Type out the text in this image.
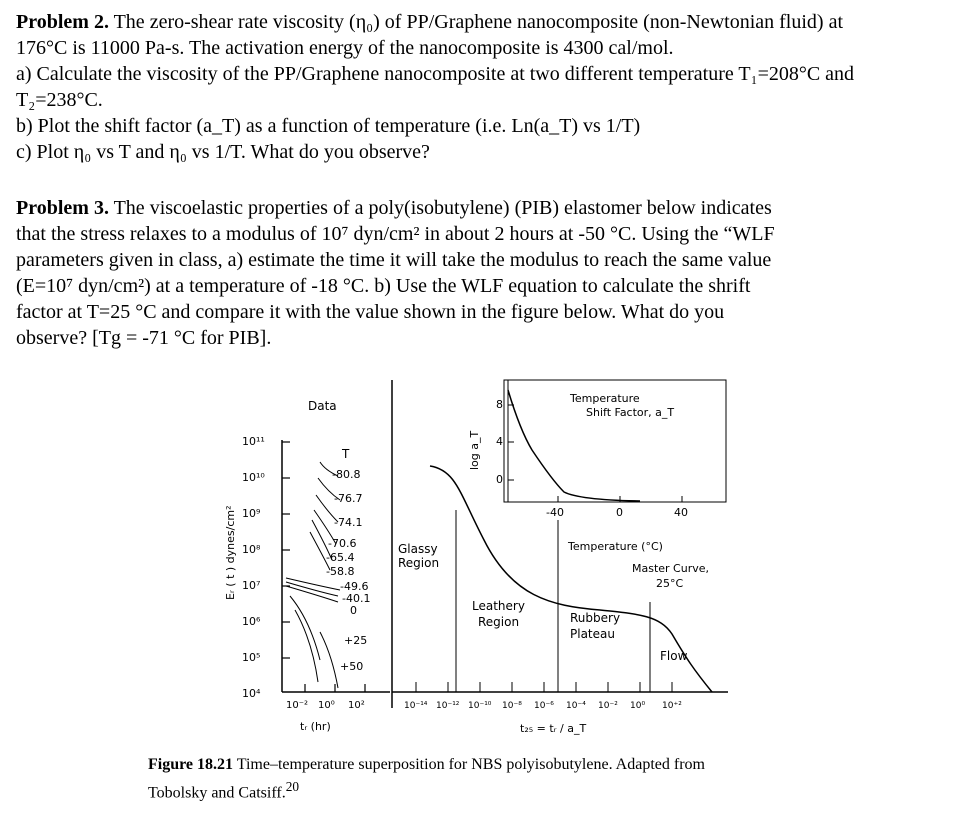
Problem 2. The zero-shear rate viscosity (η₀) of PP/Graphene nanocomposite (non-Newtonian fluid) at
176°C is 11000 Pa-s. The activation energy of the nanocomposite is 4300 cal/mol.
a) Calculate the viscosity of the PP/Graphene nanocomposite at two different temperature T₁=208°C and
T₂=238°C.
b) Plot the shift factor (a_T) as a function of temperature (i.e. Ln(a_T) vs 1/T)
c) Plot η₀ vs T and η₀ vs 1/T. What do you observe?
Problem 3. The viscoelastic properties of a poly(isobutylene) (PIB) elastomer below indicates
that the stress relaxes to a modulus of 10⁷ dyn/cm² in about 2 hours at -50 °C. Using the “WLF
parameters given in class, a) estimate the time it will take the modulus to reach the same value
(E=10⁷ dyn/cm²) at a temperature of -18 °C. b) Use the WLF equation to calculate the shrift
factor at T=25 °C and compare it with the value shown in the figure below. What do you
observe? [Tg = -71 °C for PIB].
10¹¹
10¹⁰
10⁹
10⁸
10⁷
10⁶
10⁵
10⁴
Eᵣ ( t ) dynes/cm²
Data
T
-80.8
-76.7
-74.1
-70.6
-65.4
-58.8
-49.6
-40.1
0
+25
+50
10⁻² 10⁰ 10²
tᵣ (hr)
Glassy Region
Leathery Region	Rubbery Plateau
Flow
Master Curve, 25°C
8
4
0
log a_T
Temperature
Shift Factor, a_T
-40	0	40
Temperature (°C)
10⁻¹⁴ 10⁻¹² 10⁻¹⁰ 10⁻⁸ 10⁻⁶ 10⁻⁴ 10⁻² 10⁰ 10⁺²
t₂₅ = tᵣ / a_T
Figure 18.21 Time–temperature superposition for NBS polyisobutylene. Adapted from
Tobolsky and Catsiff.$^{20}$
